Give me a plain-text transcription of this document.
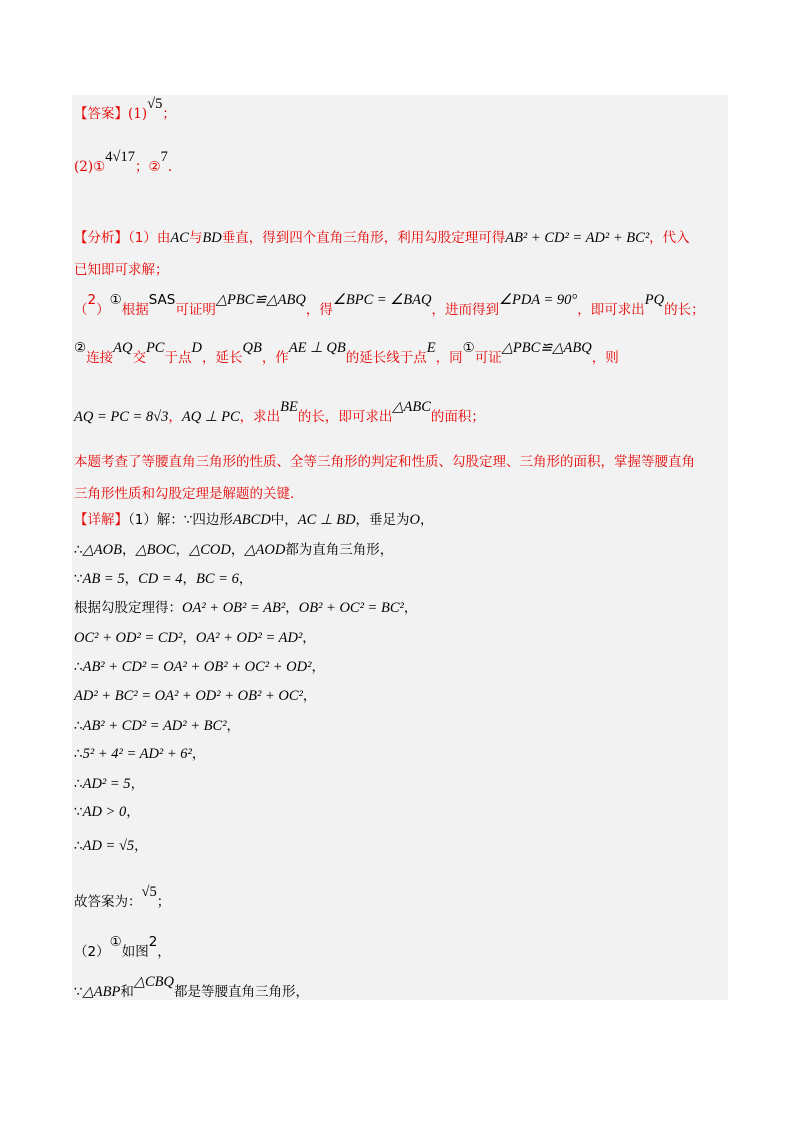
【答案】(1)√5；
(2)①4√17；②7.
【分析】（1）由AC与BD垂直，得到四个直角三角形，利用勾股定理可得AB² + CD² = AD² + BC²，代入
已知即可求解；
（2）①根据SAS可证明△PBC≌△ABQ，得∠BPC = ∠BAQ，进而得到∠PDA = 90°，即可求出PQ的长；
②连接AQ交PC于点D，延长QB，作AE ⊥ QB的延长线于点E，同①可证△PBC≌△ABQ，则
AQ = PC = 8√3，AQ ⊥ PC，求出BE的长，即可求出△ABC的面积；
本题考查了等腰直角三角形的性质、全等三角形的判定和性质、勾股定理、三角形的面积，掌握等腰直角
三角形性质和勾股定理是解题的关键.
【详解】（1）解：∵四边形ABCD中，AC ⊥ BD，垂足为O，
∴△AOB，△BOC，△COD，△AOD都为直角三角形，
∵AB = 5，CD = 4，BC = 6，
根据勾股定理得：OA² + OB² = AB²，OB² + OC² = BC²，
OC² + OD² = CD²，OA² + OD² = AD²，
∴AB² + CD² = OA² + OB² + OC² + OD²，
AD² + BC² = OA² + OD² + OB² + OC²，
∴AB² + CD² = AD² + BC²，
∴5² + 4² = AD² + 6²，
∴AD² = 5，
∵AD > 0，
∴AD = √5，
故答案为：√5；
（2）①如图2，
∵△ABP和△CBQ都是等腰直角三角形，
